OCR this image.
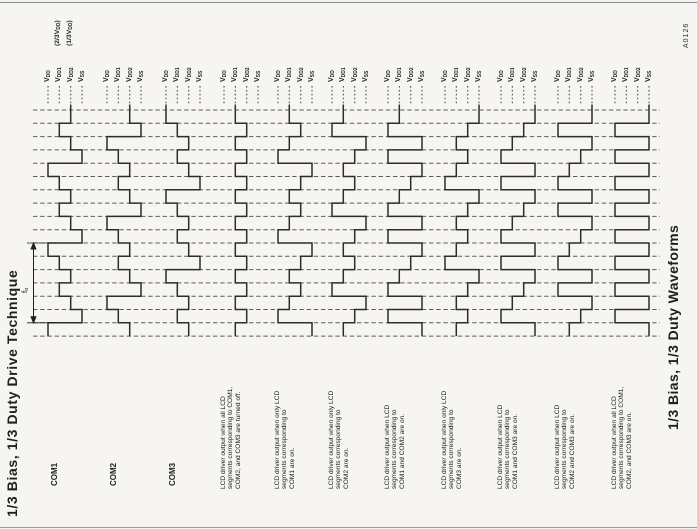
1/3 Bias, 1/3 Duty Drive Technique	1/3 Bias, 1/3 Duty Waveforms
A0126
fo
VDD
VDD1
VDD2
VSS
VDD
VDD1
VDD2
VSS
VDD
VDD1
VDD2
VSS
VDD
VDD1
VDD2
VSS
VDD
VDD1
VDD2
VSS
VDD
VDD1
VDD2
VSS
VDD
VDD1
VDD2
VSS
VDD
VDD1
VDD2
VSS
VDD
VDD1
VDD2
VSS
VDD
VDD1
VDD2
VSS
VDD
VDD1
VDD2
VSS
(2/3VDD)
(1/3VDD)
COM1	COM2	COM3	LCD driver output when all LCD
segments corresponding to COM1,
COM2, and COM3 are turned off.	LCD driver output when only LCD
segments corresponding to
COM1 are on.	LCD driver output when only LCD
segments corresponding to
COM2 are on.	LCD driver output when LCD
segments corresponding to
COM1 and COM2 are on.	LCD driver output when only LCD
segments corresponding to
COM3 are on.	LCD driver output when LCD
segments corresponding to
COM1 and COM3 are on.	LCD driver output when LCD
segments corresponding to
COM2 and COM3 are on.	LCD driver output when all LCD
segments corresponding to COM1,
COM2, and COM3 are on.
